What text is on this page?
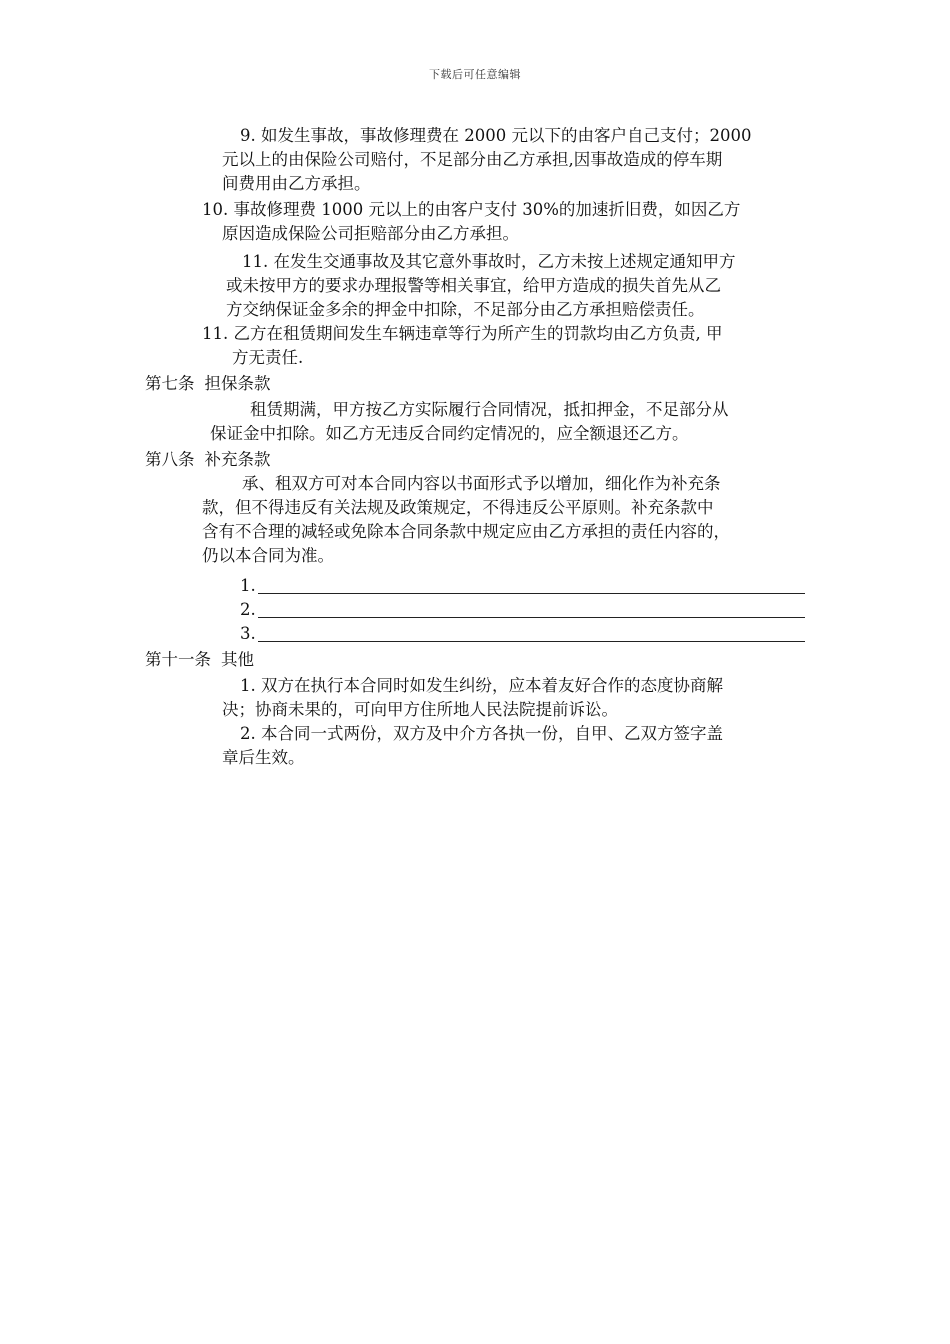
下载后可任意编辑
9. 如发生事故，事故修理费在 2000 元以下的由客户自己支付；2000
元以上的由保险公司赔付，不足部分由乙方承担,因事故造成的停车期
间费用由乙方承担。
10. 事故修理费 1000 元以上的由客户支付 30%的加速折旧费，如因乙方
原因造成保险公司拒赔部分由乙方承担。
11. 在发生交通事故及其它意外事故时，乙方未按上述规定通知甲方
或未按甲方的要求办理报警等相关事宜，给甲方造成的损失首先从乙
方交纳保证金多余的押金中扣除，不足部分由乙方承担赔偿责任。
11. 乙方在租赁期间发生车辆违章等行为所产生的罚款均由乙方负责, 甲
方无责任.
第七条 担保条款
租赁期满，甲方按乙方实际履行合同情况，抵扣押金，不足部分从
保证金中扣除。如乙方无违反合同约定情况的，应全额退还乙方。
第八条 补充条款
承、租双方可对本合同内容以书面形式予以增加，细化作为补充条
款，但不得违反有关法规及政策规定，不得违反公平原则。补充条款中
含有不合理的减轻或免除本合同条款中规定应由乙方承担的责任内容的，
仍以本合同为准。
1.
2.
3.
第十一条 其他
1. 双方在执行本合同时如发生纠纷，应本着友好合作的态度协商解
决；协商未果的，可向甲方住所地人民法院提前诉讼。
2. 本合同一式两份，双方及中介方各执一份，自甲、乙双方签字盖
章后生效。
